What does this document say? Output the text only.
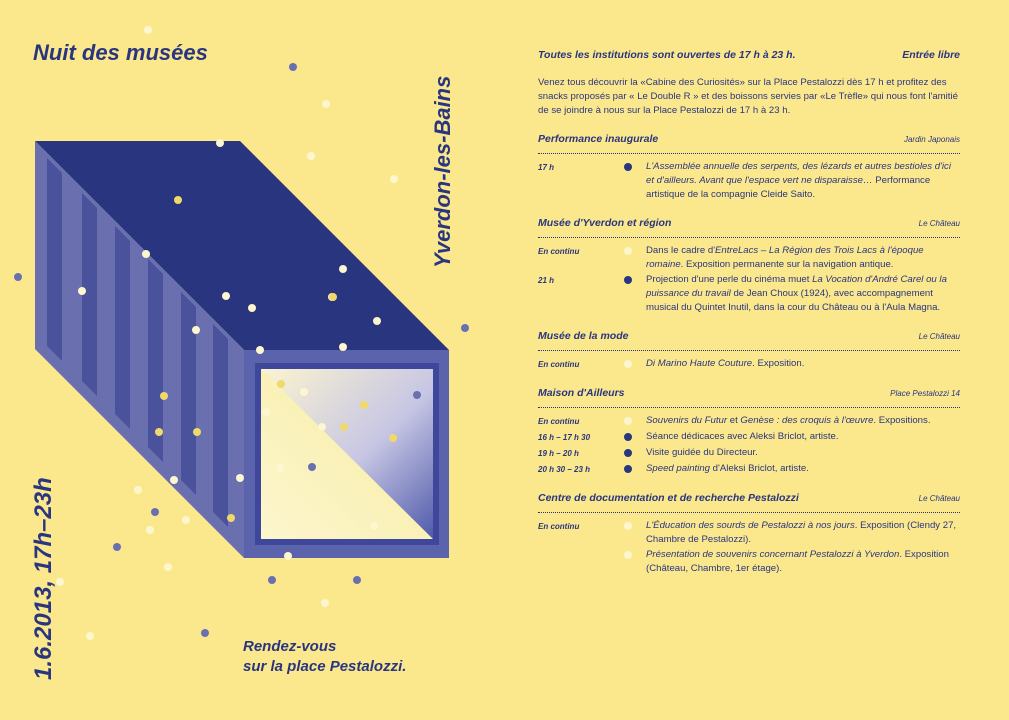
Nuit des musées
Yverdon-les-Bains
1.6.2013, 17h–23h	Rendez-vous
sur la place Pestalozzi.
Toutes les institutions sont ouvertes de 17 h à 23 h.	Entrée libre
Venez tous découvrir la «Cabine des Curiosités» sur la Place Pestalozzi dès 17 h et profitez des snacks proposés par « Le Double R » et des boissons servies par «Le Trèfle» qui nous font l'amitié de se joindre à nous sur la Place Pestalozzi de 17 h à 23 h.
Performance inaugurale	Jardin Japonais
17 h	L'Assemblée annuelle des serpents, des lézards et autres bestioles d'ici et d'ailleurs. Avant que l'espace vert ne disparaisse… Performance artistique de la compagnie Cleide Saito.
Musée d'Yverdon et région	Le Château
En continu	Dans le cadre d'EntreLacs – La Région des Trois Lacs à l'époque romaine. Exposition permanente sur la navigation antique.
21 h	Projection d'une perle du cinéma muet La Vocation d'André Carel ou la puissance du travail de Jean Choux (1924), avec accompagnement musical du Quintet Inutil, dans la cour du Château ou à l'Aula Magna.
Musée de la mode	Le Château
En continu	Di Marino Haute Couture. Exposition.
Maison d'Ailleurs	Place Pestalozzi 14
En continu	Souvenirs du Futur et Genèse : des croquis à l'œuvre. Expositions.
16 h – 17 h 30	Séance dédicaces avec Aleksi Briclot, artiste.
19 h – 20 h	Visite guidée du Directeur.
20 h 30 – 23 h	Speed painting d'Aleksi Briclot, artiste.
Centre de documentation et de recherche Pestalozzi	Le Château
En continu	L'Éducation des sourds de Pestalozzi à nos jours. Exposition (Clendy 27, Chambre de Pestalozzi).
Présentation de souvenirs concernant Pestalozzi à Yverdon. Exposition (Château, Chambre, 1er étage).
